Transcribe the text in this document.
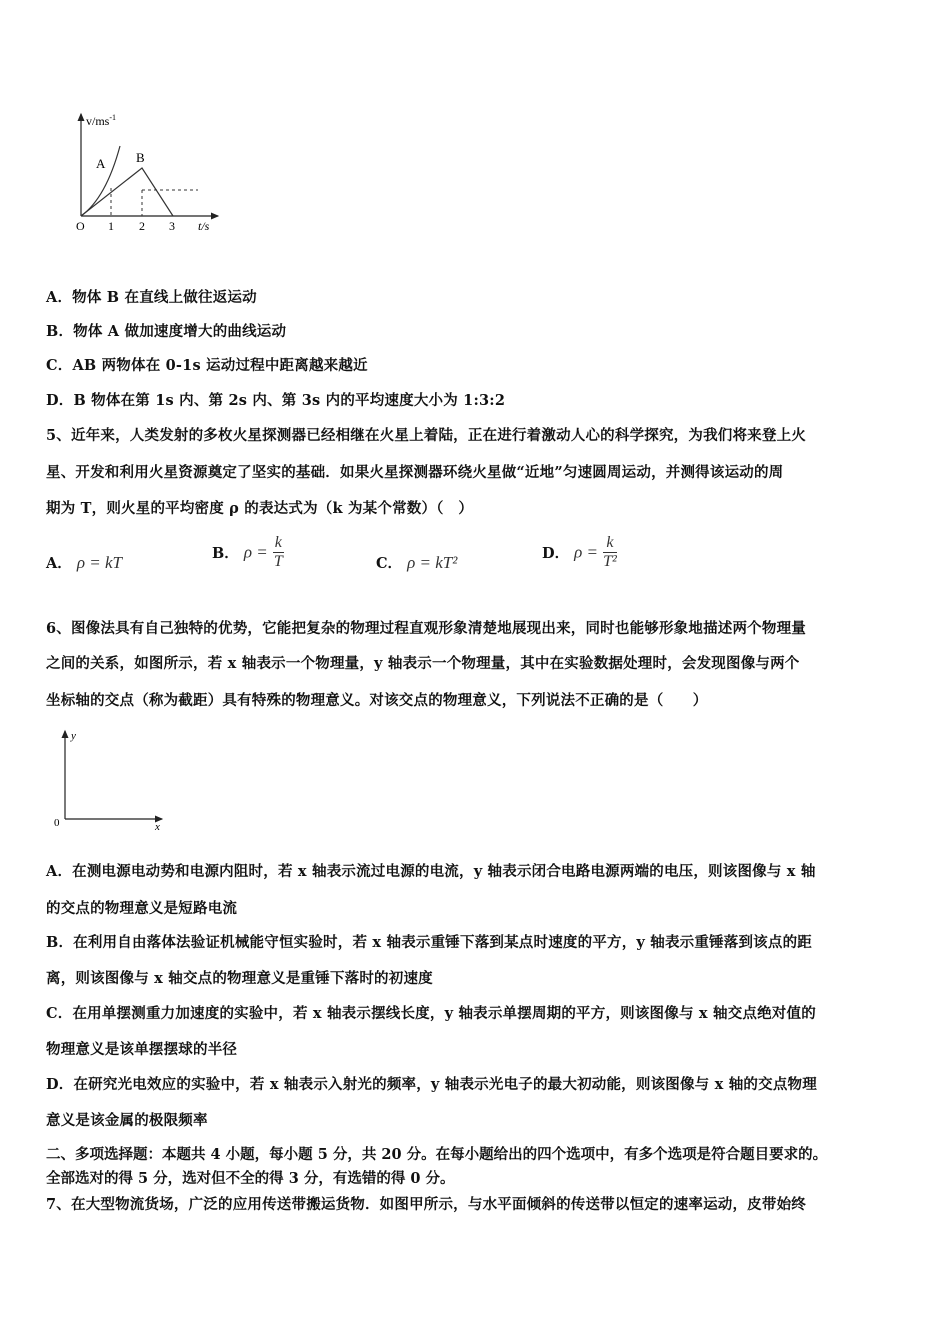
$v/ms^{-1}$
A B
O 1 2 3 t/s
A．物体 B 在直线上做往返运动
B．物体 A 做加速度增大的曲线运动
C．AB 两物体在 0-1s 运动过程中距离越来越近
D．B 物体在第 1s 内、第 2s 内、第 3s 内的平均速度大小为 1:3:2
5、近年来，人类发射的多枚火星探测器已经相继在火星上着陆，正在进行着激动人心的科学探究，为我们将来登上火
星、开发和利用火星资源奠定了坚实的基础．如果火星探测器环绕火星做“近地”匀速圆周运动，并测得该运动的周
期为 T，则火星的平均密度 ρ 的表达式为（k 为某个常数）（　）
A． ρ = kT	B． $\rho = \frac{k}{T}$	C． ρ = kT²	D． $\rho = \frac{k}{\text{T²}}$
6、图像法具有自己独特的优势，它能把复杂的物理过程直观形象清楚地展现出来，同时也能够形象地描述两个物理量
之间的关系，如图所示，若 x 轴表示一个物理量，y 轴表示一个物理量，其中在实验数据处理时，会发现图像与两个
坐标轴的交点（称为截距）具有特殊的物理意义。对该交点的物理意义，下列说法不正确的是（　　）
y
0	x
A．在测电源电动势和电源内阻时，若 x 轴表示流过电源的电流，y 轴表示闭合电路电源两端的电压，则该图像与 x 轴
的交点的物理意义是短路电流
B．在利用自由落体法验证机械能守恒实验时，若 x 轴表示重锤下落到某点时速度的平方，y 轴表示重锤落到该点的距
离，则该图像与 x 轴交点的物理意义是重锤下落时的初速度
C．在用单摆测重力加速度的实验中，若 x 轴表示摆线长度，y 轴表示单摆周期的平方，则该图像与 x 轴交点绝对值的
物理意义是该单摆摆球的半径
D．在研究光电效应的实验中，若 x 轴表示入射光的频率，y 轴表示光电子的最大初动能，则该图像与 x 轴的交点物理
意义是该金属的极限频率
二、多项选择题：本题共 4 小题，每小题 5 分，共 20 分。在每小题给出的四个选项中，有多个选项是符合题目要求的。
全部选对的得 5 分，选对但不全的得 3 分，有选错的得 0 分。
7、在大型物流货场，广泛的应用传送带搬运货物．如图甲所示，与水平面倾斜的传送带以恒定的速率运动，皮带始终
